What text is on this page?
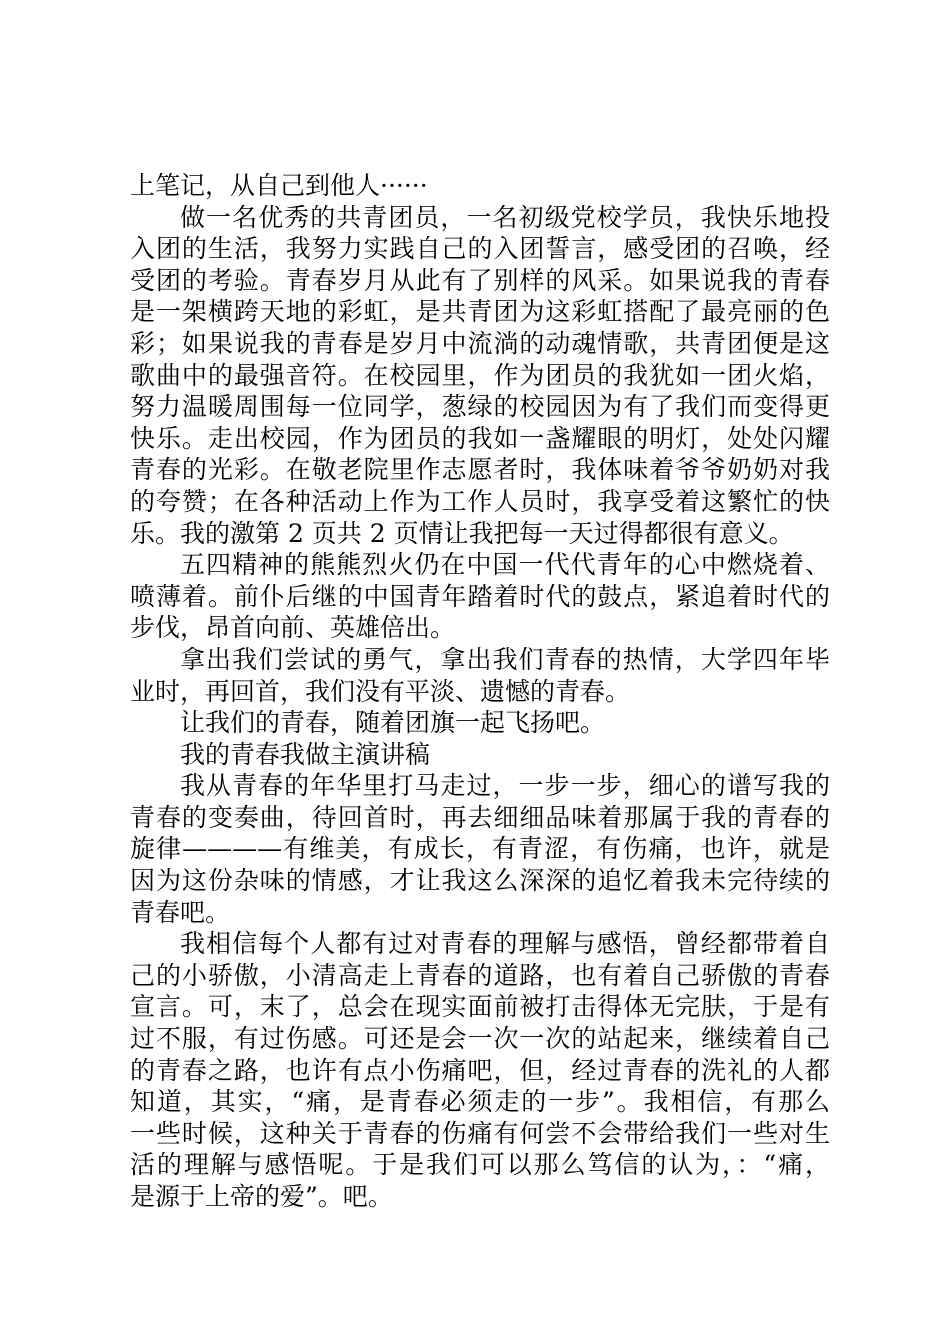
上笔记，从自己到他人······
做一名优秀的共青团员，一名初级党校学员，我快乐地投
入团的生活，我努力实践自己的入团誓言，感受团的召唤，经
受团的考验。青春岁月从此有了别样的风采。如果说我的青春
是一架横跨天地的彩虹，是共青团为这彩虹搭配了最亮丽的色
彩；如果说我的青春是岁月中流淌的动魂情歌，共青团便是这
歌曲中的最强音符。在校园里，作为团员的我犹如一团火焰，
努力温暖周围每一位同学，葱绿的校园因为有了我们而变得更
快乐。走出校园，作为团员的我如一盏耀眼的明灯，处处闪耀
青春的光彩。在敬老院里作志愿者时，我体味着爷爷奶奶对我
的夸赞；在各种活动上作为工作人员时，我享受着这繁忙的快
乐。我的激第 2 页共 2 页情让我把每一天过得都很有意义。
五四精神的熊熊烈火仍在中国一代代青年的心中燃烧着、
喷薄着。前仆后继的中国青年踏着时代的鼓点，紧追着时代的
步伐，昂首向前、英雄倍出。
拿出我们尝试的勇气，拿出我们青春的热情，大学四年毕
业时，再回首，我们没有平淡、遗憾的青春。
让我们的青春，随着团旗一起飞扬吧。
我的青春我做主演讲稿
我从青春的年华里打马走过，一步一步，细心的谱写我的
青春的变奏曲，待回首时，再去细细品味着那属于我的青春的
旋律————有维美，有成长，有青涩，有伤痛，也许，就是
因为这份杂味的情感，才让我这么深深的追忆着我未完待续的
青春吧。
我相信每个人都有过对青春的理解与感悟，曾经都带着自
己的小骄傲，小清高走上青春的道路，也有着自己骄傲的青春
宣言。可，末了，总会在现实面前被打击得体无完肤，于是有
过不服，有过伤感。可还是会一次一次的站起来，继续着自己
的青春之路，也许有点小伤痛吧，但，经过青春的洗礼的人都
知道，其实，“痛，是青春必须走的一步”。我相信，有那么
一些时候，这种关于青春的伤痛有何尝不会带给我们一些对生
活的理解与感悟呢。于是我们可以那么笃信的认为，：“痛，
是源于上帝的爱”。吧。
